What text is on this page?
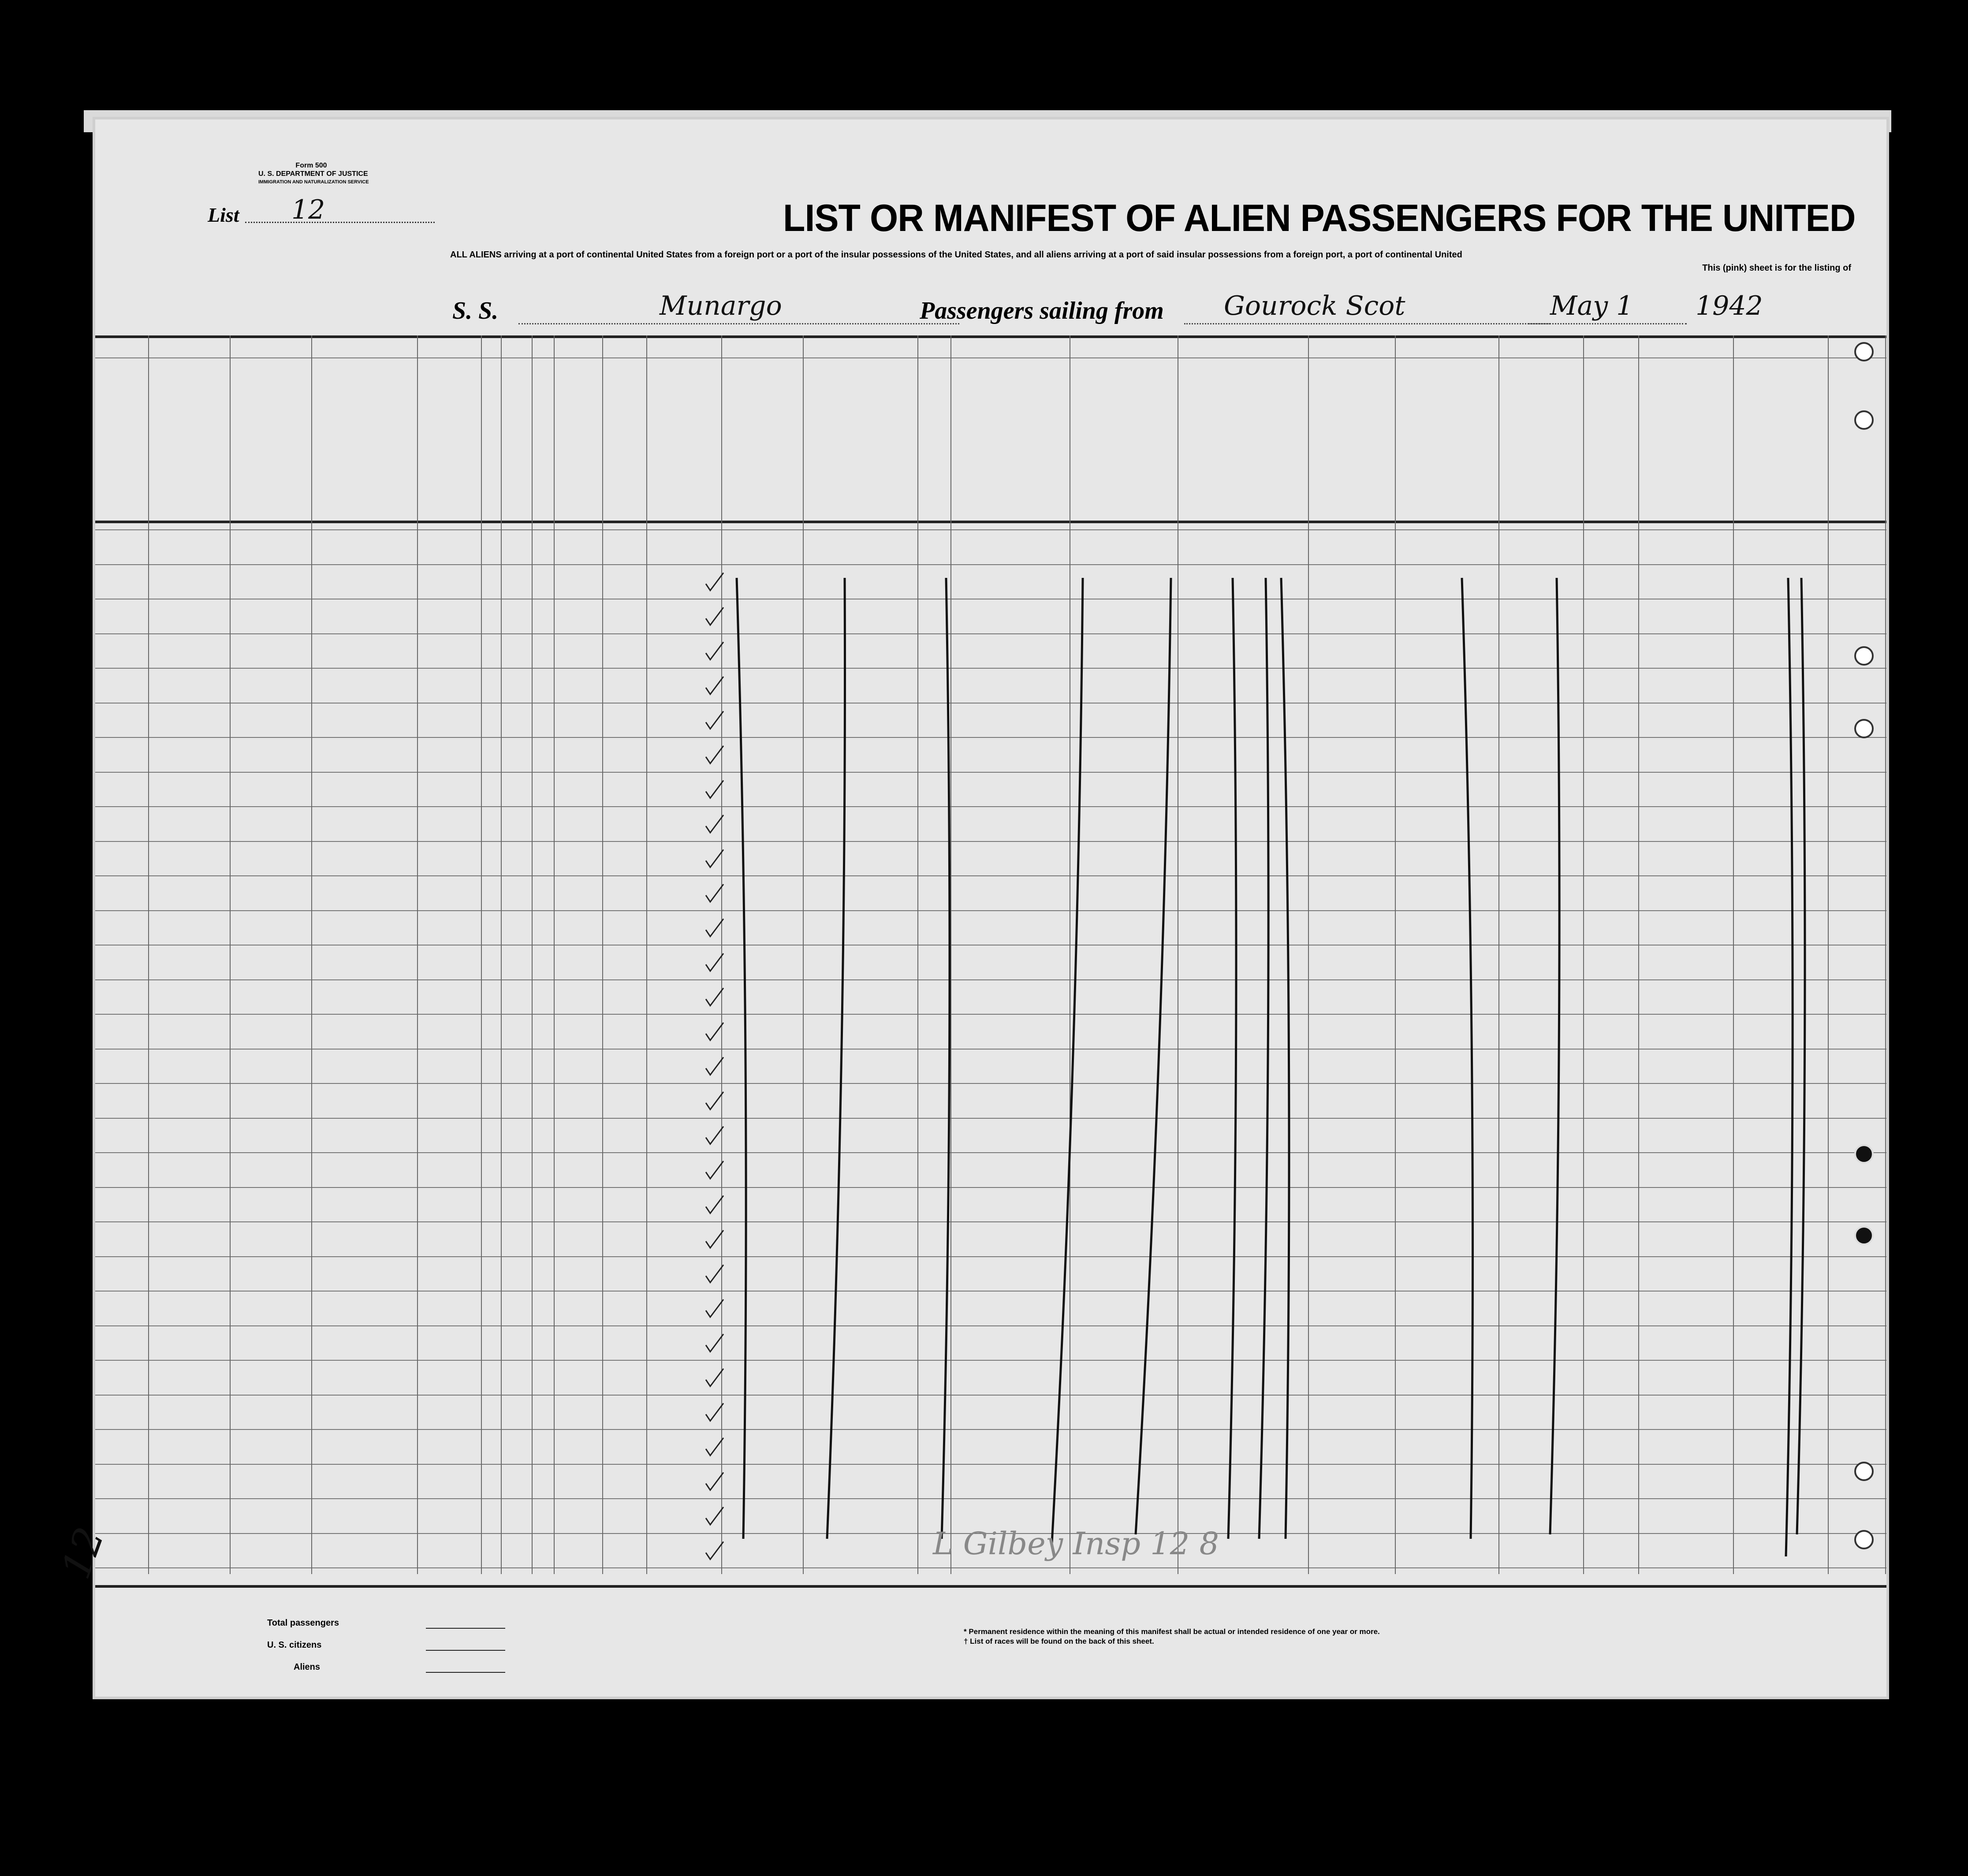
Form 500
U. S. DEPARTMENT OF JUSTICE
IMMIGRATION AND NATURALIZATION SERVICE
List 12	LIST OR MANIFEST OF ALIEN PASSENGERS FOR THE UNITED
ALL ALIENS arriving at a port of continental United States from a foreign port or a port of the insular possessions of the United States, and all aliens arriving at a port of said insular possessions from a foreign port, a port of continental United
This (pink) sheet is for the listing of
S. S.	Munargo	Passengers sailing from Gourock Scot	May 1 1942
Total passengers
U. S. citizens
Aliens
* Permanent residence within the meaning of this manifest shall be actual or intended residence of one year or more.
† List of races will be found on the back of this sheet.
L Gilbey Insp 12 8
12
